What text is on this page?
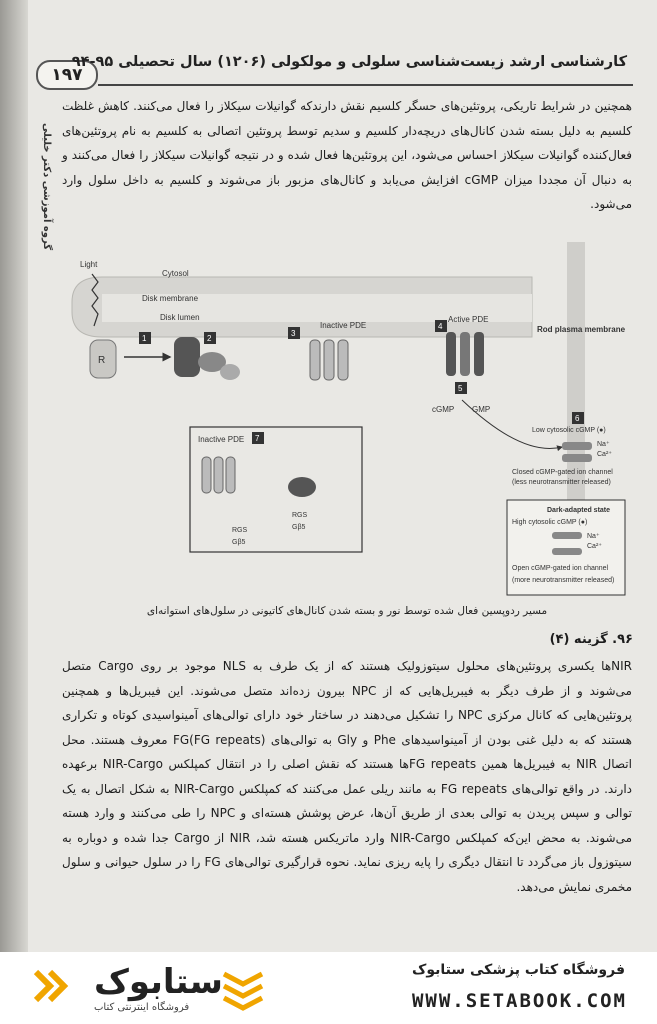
۱۹۷
کارشناسی ارشد زیست‌شناسی سلولی و مولکولی (۱۲۰۶) سال تحصیلی ۹۵-۹۴
گروه آموزشی دکتر خلیلی
همچنین در شرایط تاریکی، پروتئین‌های حسگر کلسیم نقش دارندکه گوانیلات سیکلاز را فعال می‌کنند. کاهش غلظت کلسیم به دلیل بسته شدن کانال‌های دریچه‌دار کلسیم و سدیم توسط پروتئین اتصالی به کلسیم به نام پروتئین‌های فعال‌کننده گوانیلات سیکلاز احساس می‌شود، این پروتئین‌ها فعال شده و در نتیجه گوانیلات سیکلاز را فعال می‌کنند و به دنبال آن مجددا میزان cGMP افزایش می‌یابد و کانال‌های مزبور باز می‌شوند و کلسیم به داخل سلول وارد می‌شود.
Light
Cytosol
Disk membrane
Disk lumen
R
1	2
3
4
5
6
7
Inactive PDE
Active PDE
Rod plasma membrane
cGMP GMP
Low cytosolic cGMP (●)
Na⁺
Ca²⁺
Closed cGMP-gated ion channel
(less neurotransmitter released)
Inactive PDE
RGS
Gβ5
RGS
Gβ5
Dark-adapted state
High cytosolic cGMP (●)
Na⁺
Ca²⁺
Open cGMP-gated ion channel
(more neurotransmitter released)
مسیر ردوپسین فعال شده توسط نور و بسته شدن کانال‌های کاتیونی در سلول‌های استوانه‌ای
۹۶. گزینه (۴)
NIRها یکسری پروتئین‌های محلول سیتوزولیک هستند که از یک طرف به NLS موجود بر روی Cargo متصل می‌شوند و از طرف دیگر به فیبریل‌هایی که از NPC بیرون زده‌اند متصل می‌شوند. این فیبریل‌ها و همچنین پروتئین‌هایی که کانال مرکزی NPC را تشکیل می‌دهند در ساختار خود دارای توالی‌های آمینواسیدی کوتاه و تکراری هستند که به دلیل غنی بودن از آمینواسیدهای Phe و Gly به توالی‌های FG(FG repeats) معروف هستند. محل اتصال NIR به فیبریل‌ها همین FG repeatsها هستند که نقش اصلی را در انتقال کمپلکس NIR-Cargo برعهده دارند. در واقع توالی‌های FG repeats به مانند ریلی عمل می‌کنند که کمپلکس NIR-Cargo به شکل اتصال به یک توالی و سپس پریدن به توالی بعدی از طریق آن‌ها، عرض پوشش هسته‌ای و NPC را طی می‌کنند و وارد هسته می‌شوند. به محض این‌که کمپلکس NIR-Cargo وارد ماتریکس هسته شد، NIR از Cargo جدا شده و دوباره به سیتوزول باز می‌گردد تا انتقال دیگری را پایه ریزی نماید. نحوه قرارگیری توالی‌های FG را در سلول حیوانی و سلول مخمری نمایش می‌دهد.
ستابوک
فروشگاه اینترنتی کتاب
فروشگاه کتاب پزشکی ستابوک
WWW.SETABOOK.COM
